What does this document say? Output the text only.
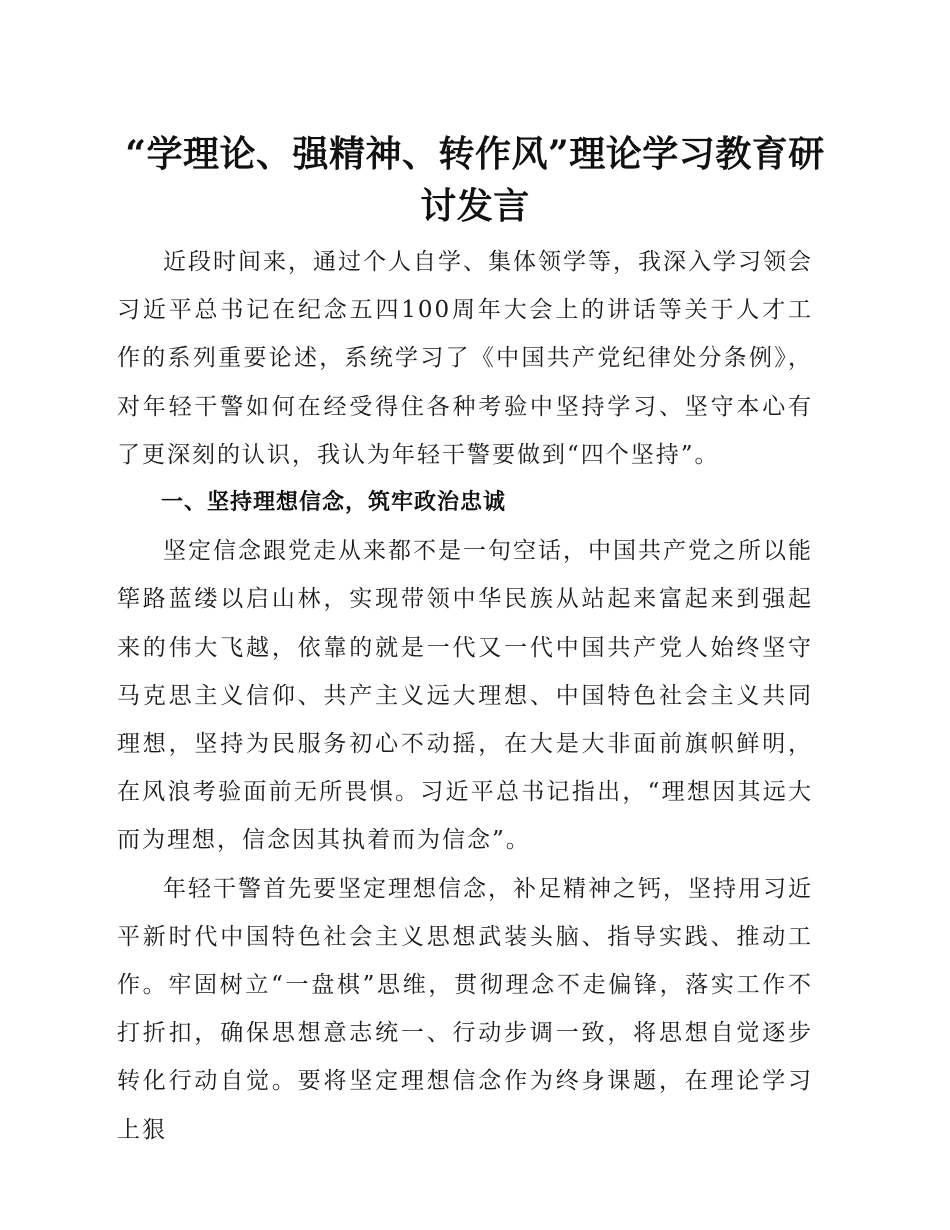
“学理论、强精神、转作风”理论学习教育研讨发言

近段时间来，通过个人自学、集体领学等，我深入学习领会习近平总书记在纪念五四100周年大会上的讲话等关于人才工作的系列重要论述，系统学习了《中国共产党纪律处分条例》，对年轻干警如何在经受得住各种考验中坚持学习、坚守本心有了更深刻的认识，我认为年轻干警要做到“四个坚持”。

一、坚持理想信念，筑牢政治忠诚

坚定信念跟党走从来都不是一句空话，中国共产党之所以能筚路蓝缕以启山林，实现带领中华民族从站起来富起来到强起来的伟大飞越，依靠的就是一代又一代中国共产党人始终坚守马克思主义信仰、共产主义远大理想、中国特色社会主义共同理想，坚持为民服务初心不动摇，在大是大非面前旗帜鲜明，在风浪考验面前无所畏惧。习近平总书记指出，“理想因其远大而为理想，信念因其执着而为信念”。

年轻干警首先要坚定理想信念，补足精神之钙，坚持用习近平新时代中国特色社会主义思想武装头脑、指导实践、推动工作。牢固树立“一盘棋”思维，贯彻理念不走偏锋，落实工作不打折扣，确保思想意志统一、行动步调一致，将思想自觉逐步转化行动自觉。要将坚定理想信念作为终身课题，在理论学习上狠
